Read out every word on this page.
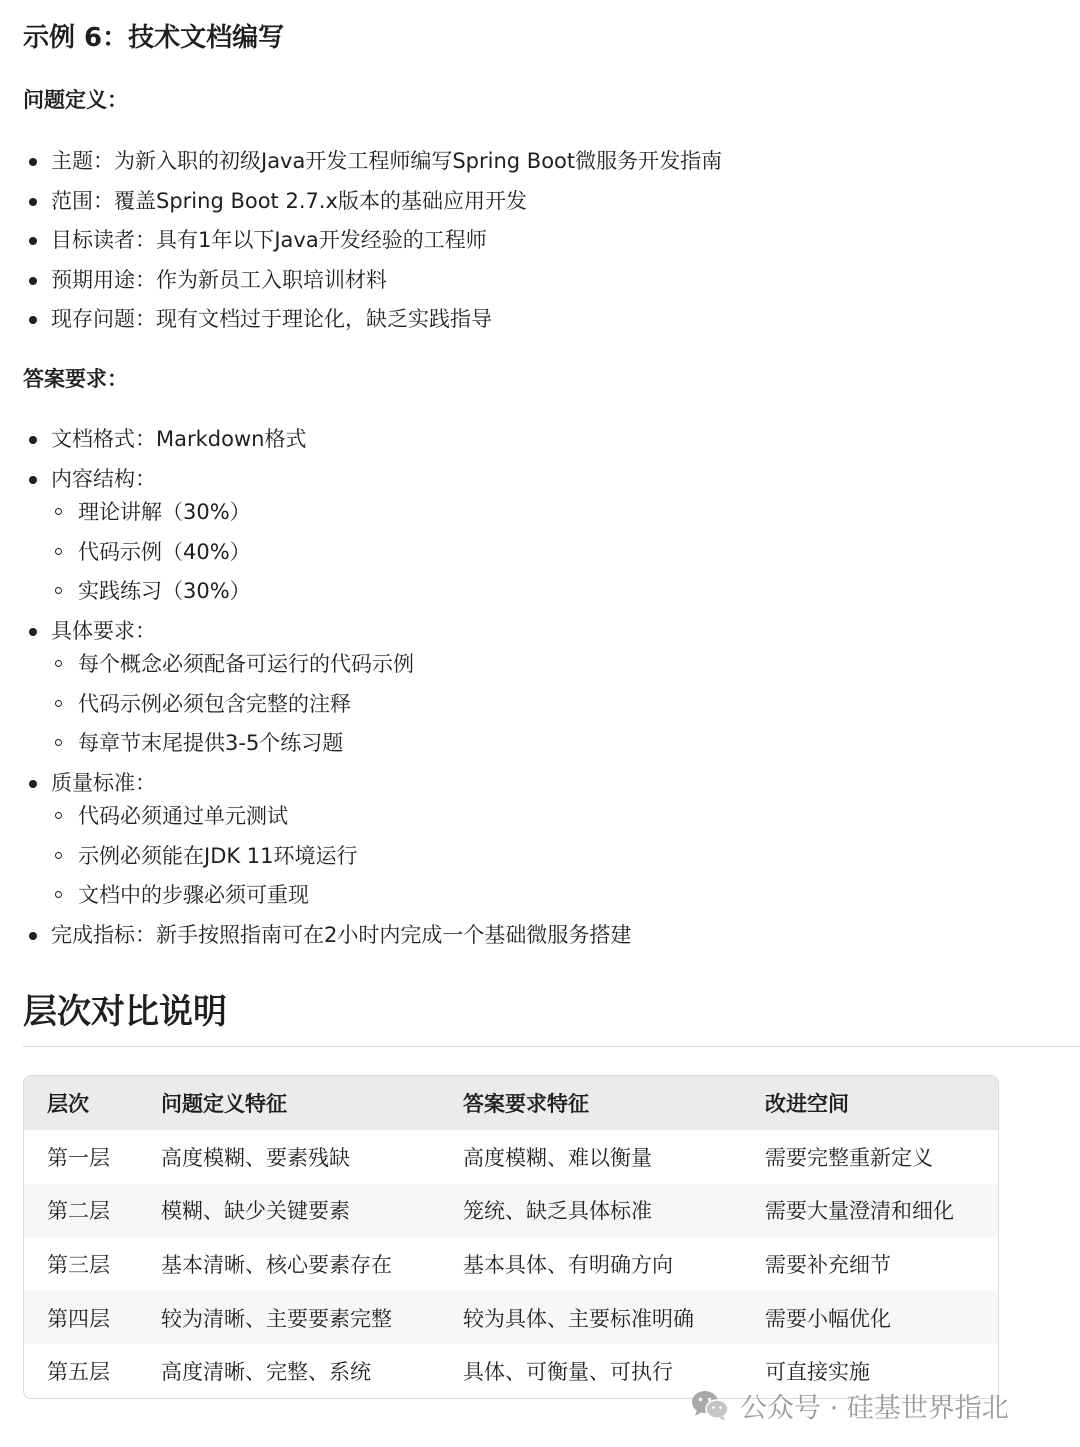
示例 6：技术文档编写
问题定义：
主题：为新入职的初级Java开发工程师编写Spring Boot微服务开发指南
范围：覆盖Spring Boot 2.7.x版本的基础应用开发
目标读者：具有1年以下Java开发经验的工程师
预期用途：作为新员工入职培训材料
现存问题：现有文档过于理论化，缺乏实践指导
答案要求：
文档格式：Markdown格式
内容结构：
理论讲解（30%）
代码示例（40%）
实践练习（30%）
具体要求：
每个概念必须配备可运行的代码示例
代码示例必须包含完整的注释
每章节末尾提供3-5个练习题
质量标准：
代码必须通过单元测试
示例必须能在JDK 11环境运行
文档中的步骤必须可重现
完成指标：新手按照指南可在2小时内完成一个基础微服务搭建
层次对比说明
层次	问题定义特征	答案要求特征	改进空间
第一层	高度模糊、要素残缺	高度模糊、难以衡量	需要完整重新定义
第二层	模糊、缺少关键要素	笼统、缺乏具体标准	需要大量澄清和细化
第三层	基本清晰、核心要素存在	基本具体、有明确方向	需要补充细节
第四层	较为清晰、主要要素完整	较为具体、主要标准明确	需要小幅优化
第五层	高度清晰、完整、系统	具体、可衡量、可执行	可直接实施
公众号 · 硅基世界指北
